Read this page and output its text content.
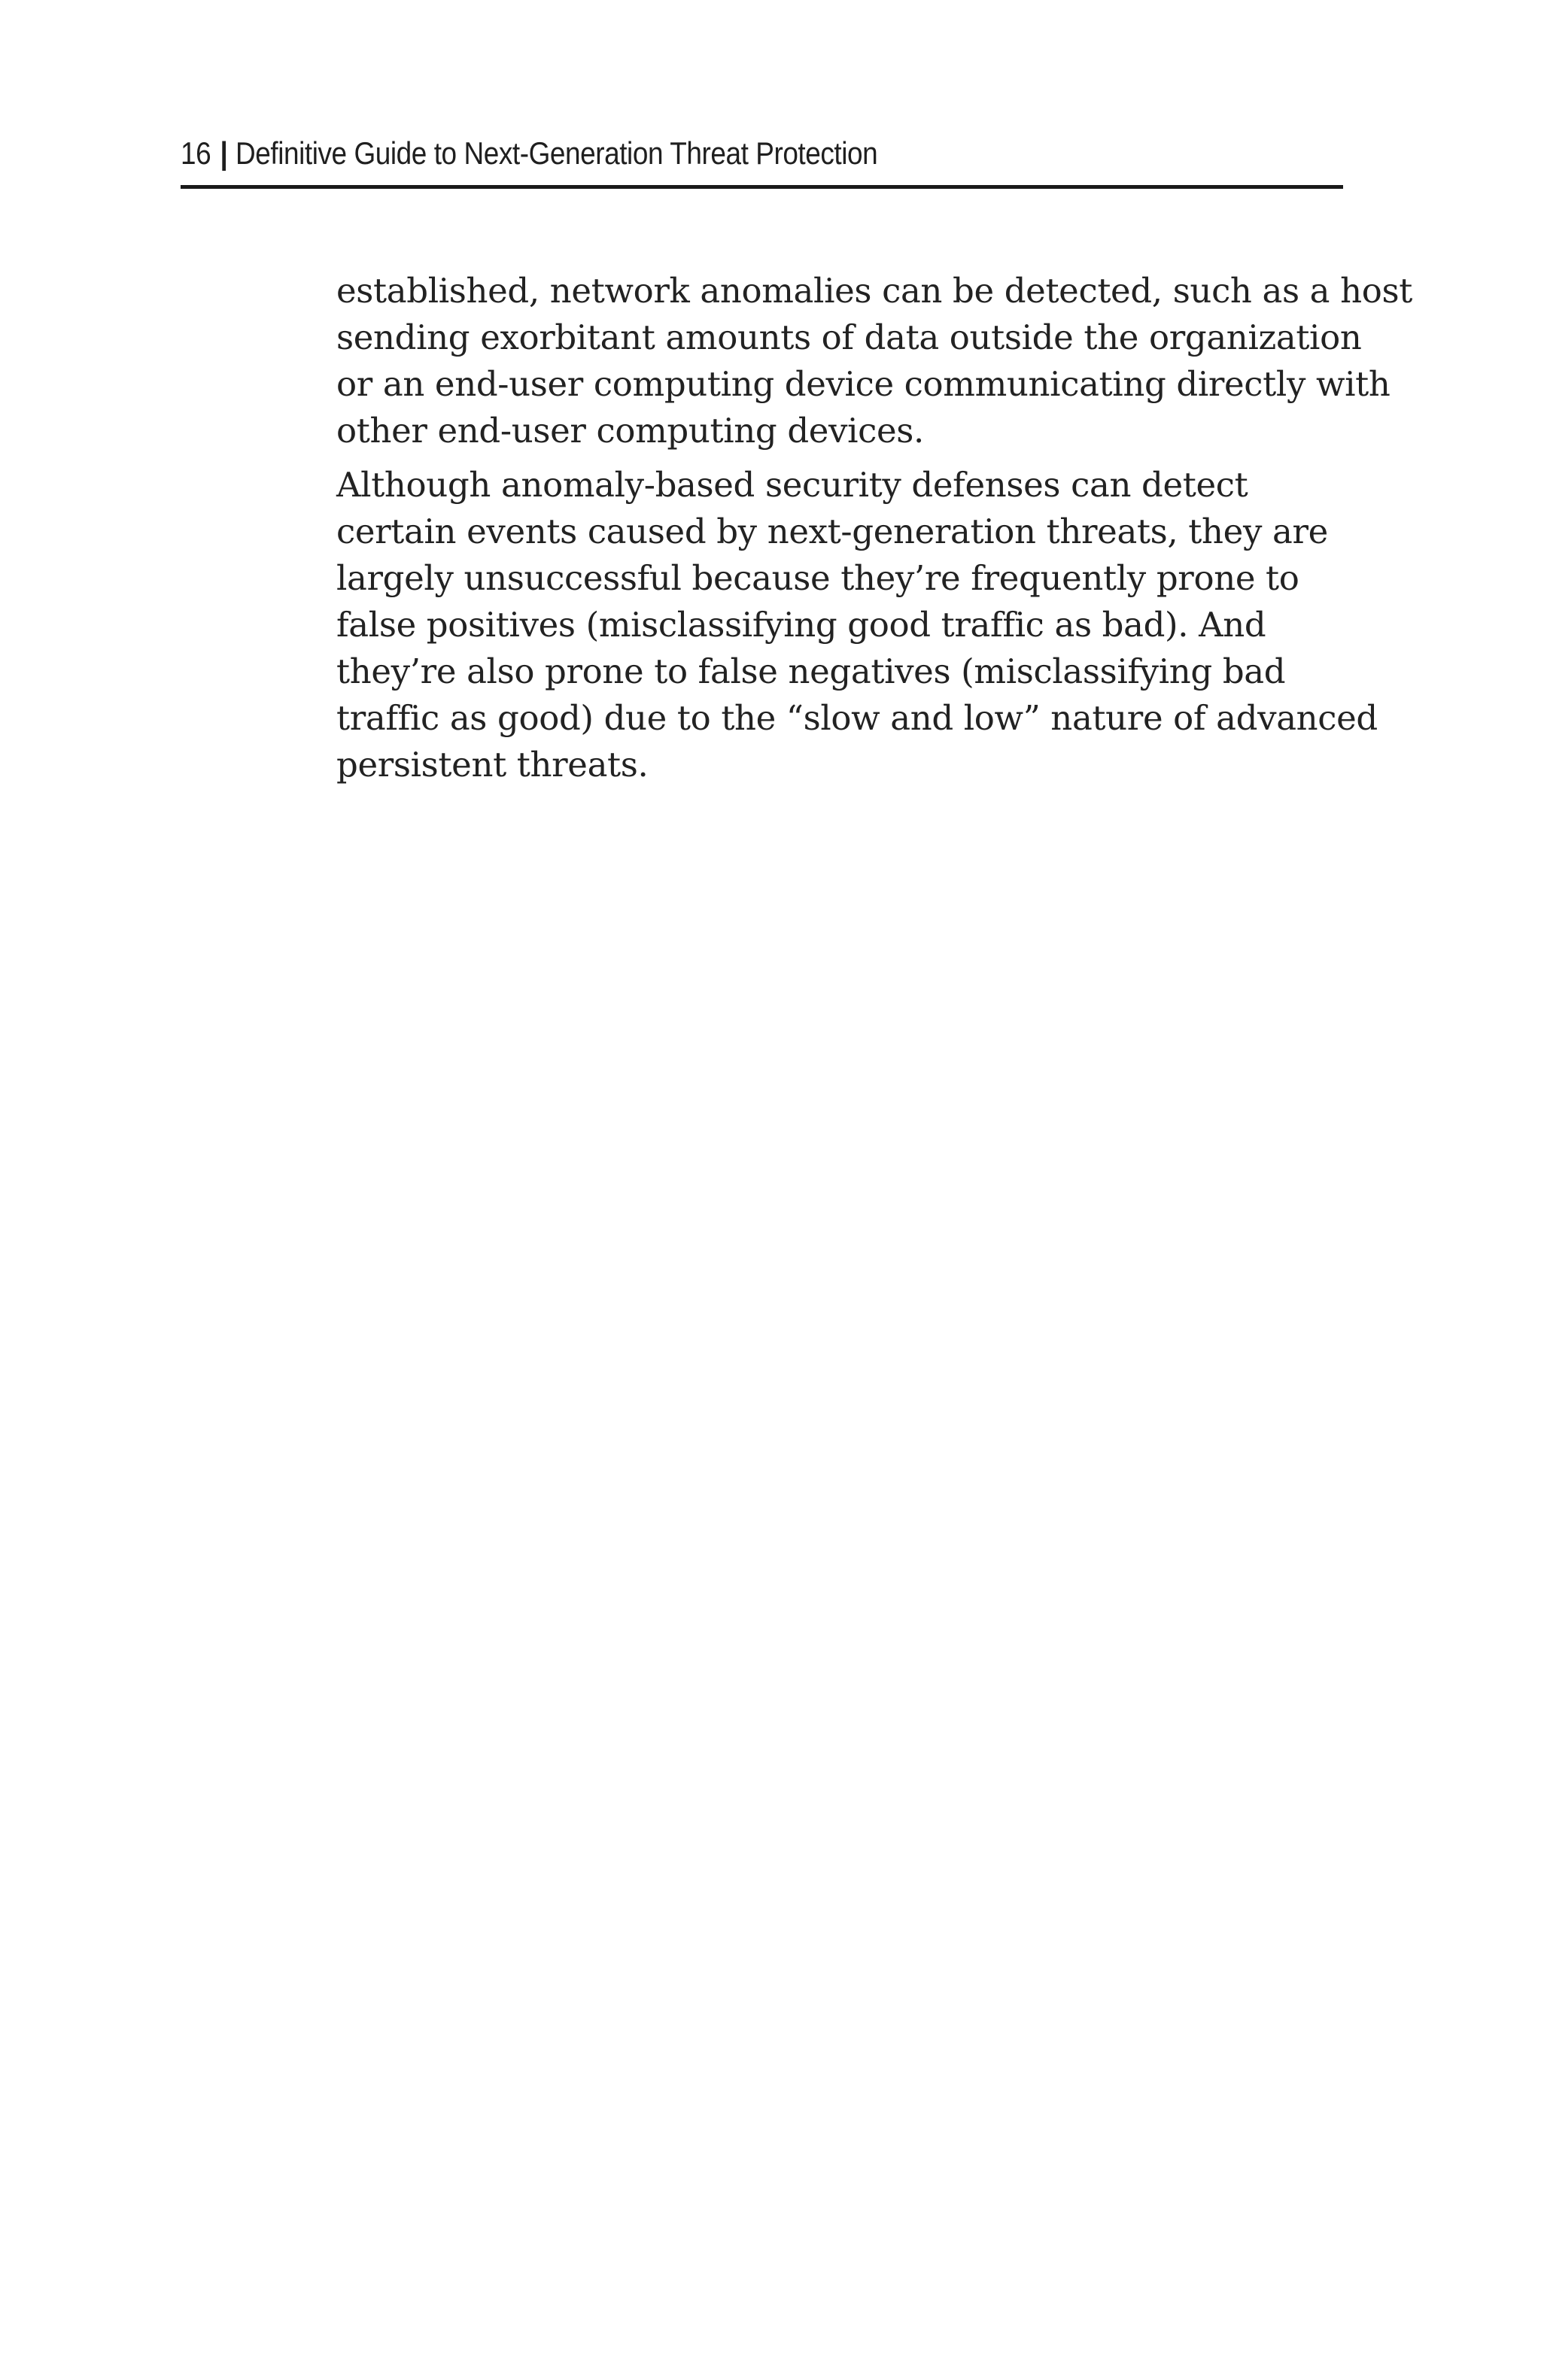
16 | Definitive Guide to Next-Generation Threat Protection
established, network anomalies can be detected, such as a host
sending exorbitant amounts of data outside the organization
or an end-user computing device communicating directly with
other end-user computing devices.
Although anomaly-based security defenses can detect
certain events caused by next-generation threats, they are
largely unsuccessful because they’re frequently prone to
false positives (misclassifying good traffic as bad). And
they’re also prone to false negatives (misclassifying bad
traffic as good) due to the “slow and low” nature of advanced
persistent threats.
